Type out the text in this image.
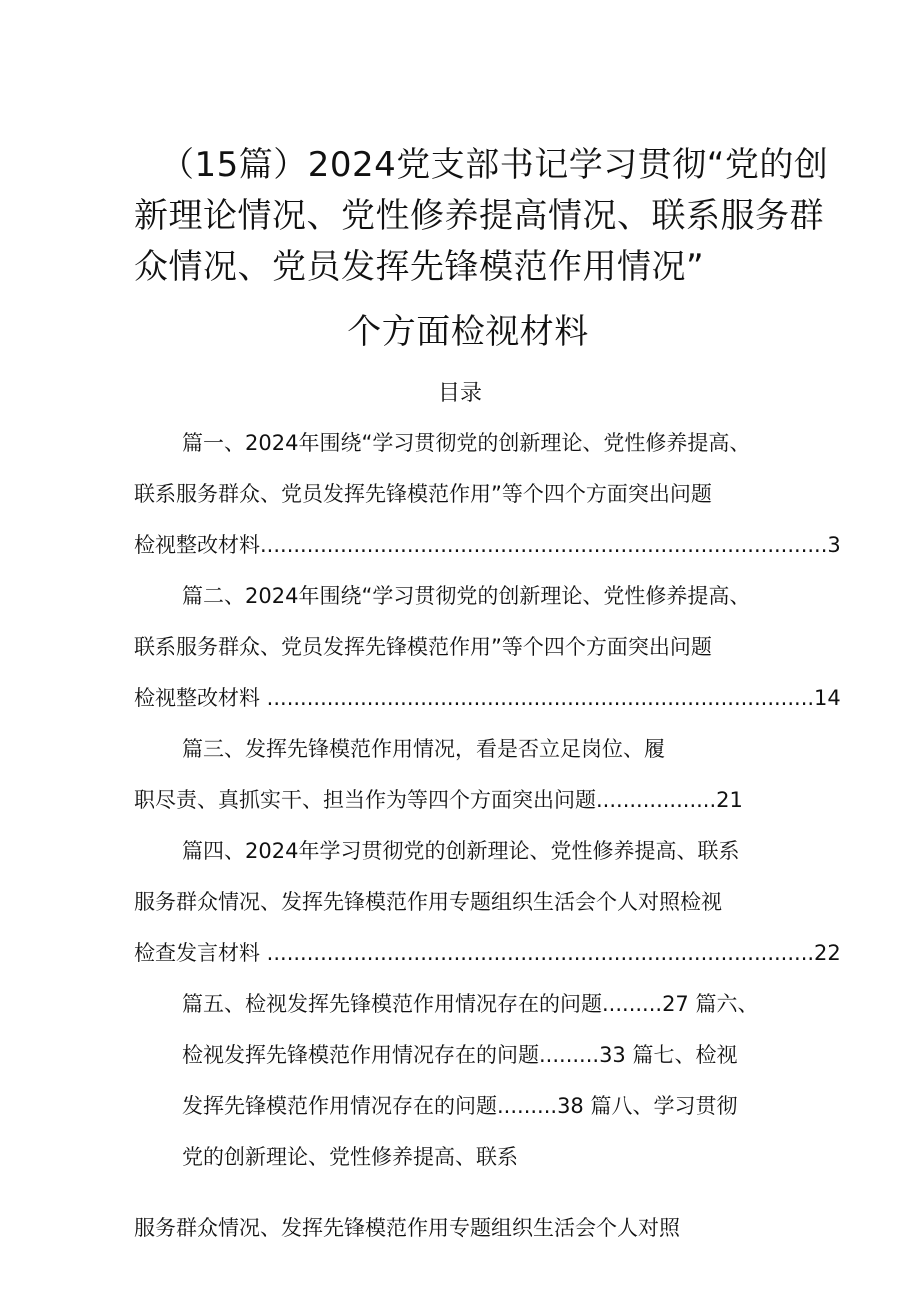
（15篇）2024党支部书记学习贯彻“党的创
新理论情况、党性修养提高情况、联系服务群
众情况、党员发挥先锋模范作用情况”
个方面检视材料
目录
篇一、2024年围绕“学习贯彻党的创新理论、党性修养提高、
联系服务群众、党员发挥先锋模范作用”等个四个方面突出问题
检视整改材料.....................................................................................3
篇二、2024年围绕“学习贯彻党的创新理论、党性修养提高、
联系服务群众、党员发挥先锋模范作用”等个四个方面突出问题
检视整改材料 ..................................................................................14
篇三、发挥先锋模范作用情况，看是否立足岗位、履
职尽责、真抓实干、担当作为等四个方面突出问题..................21
篇四、2024年学习贯彻党的创新理论、党性修养提高、联系
服务群众情况、发挥先锋模范作用专题组织生活会个人对照检视
检查发言材料 ..................................................................................22
篇五、检视发挥先锋模范作用情况存在的问题.........27 篇六、
检视发挥先锋模范作用情况存在的问题.........33 篇七、检视
发挥先锋模范作用情况存在的问题.........38 篇八、学习贯彻
党的创新理论、党性修养提高、联系
服务群众情况、发挥先锋模范作用专题组织生活会个人对照
